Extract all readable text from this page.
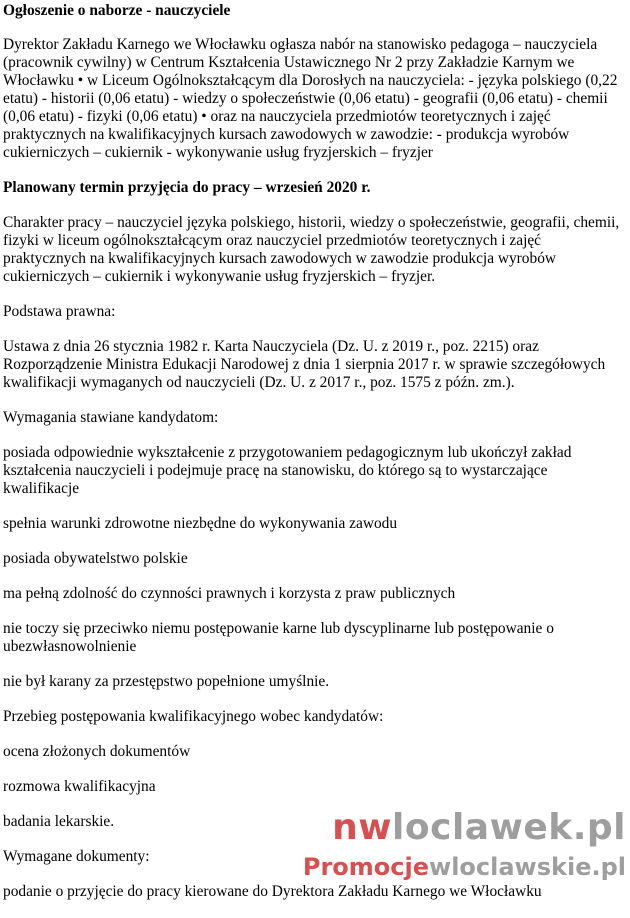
Ogłoszenie o naborze - nauczyciele

Dyrektor Zakładu Karnego we Włocławku ogłasza nabór na stanowisko pedagoga – nauczyciela (pracownik cywilny) w Centrum Kształcenia Ustawicznego Nr 2 przy Zakładzie Karnym we Włocławku • w Liceum Ogólnokształcącym dla Dorosłych na nauczyciela: - języka polskiego (0,22 etatu) - historii (0,06 etatu) - wiedzy o społeczeństwie (0,06 etatu) - geografii (0,06 etatu) - chemii (0,06 etatu) - fizyki (0,06 etatu) • oraz na nauczyciela przedmiotów teoretycznych i zajęć praktycznych na kwalifikacyjnych kursach zawodowych w zawodzie: - produkcja wyrobów cukierniczych – cukiernik - wykonywanie usług fryzjerskich – fryzjer

Planowany termin przyjęcia do pracy – wrzesień 2020 r.

Charakter pracy – nauczyciel języka polskiego, historii, wiedzy o społeczeństwie, geografii, chemii, fizyki w liceum ogólnokształcącym oraz nauczyciel przedmiotów teoretycznych i zajęć praktycznych na kwalifikacyjnych kursach zawodowych w zawodzie produkcja wyrobów cukierniczych – cukiernik i wykonywanie usług fryzjerskich – fryzjer.

Podstawa prawna:

Ustawa z dnia 26 stycznia 1982 r. Karta Nauczyciela (Dz. U. z 2019 r., poz. 2215) oraz Rozporządzenie Ministra Edukacji Narodowej z dnia 1 sierpnia 2017 r. w sprawie szczegółowych kwalifikacji wymaganych od nauczycieli (Dz. U. z 2017 r., poz. 1575 z późn. zm.).

Wymagania stawiane kandydatom:

posiada odpowiednie wykształcenie z przygotowaniem pedagogicznym lub ukończył zakład kształcenia nauczycieli i podejmuje pracę na stanowisku, do którego są to wystarczające kwalifikacje

spełnia warunki zdrowotne niezbędne do wykonywania zawodu

posiada obywatelstwo polskie

ma pełną zdolność do czynności prawnych i korzysta z praw publicznych

nie toczy się przeciwko niemu postępowanie karne lub dyscyplinarne lub postępowanie o ubezwłasnowolnienie

nie był karany za przestępstwo popełnione umyślnie.

Przebieg postępowania kwalifikacyjnego wobec kandydatów:

ocena złożonych dokumentów

rozmowa kwalifikacyjna

badania lekarskie.

Wymagane dokumenty:

podanie o przyjęcie do pracy kierowane do Dyrektora Zakładu Karnego we Włocławku

nwloclawek.pl
Promocjewloclawskie.pl
